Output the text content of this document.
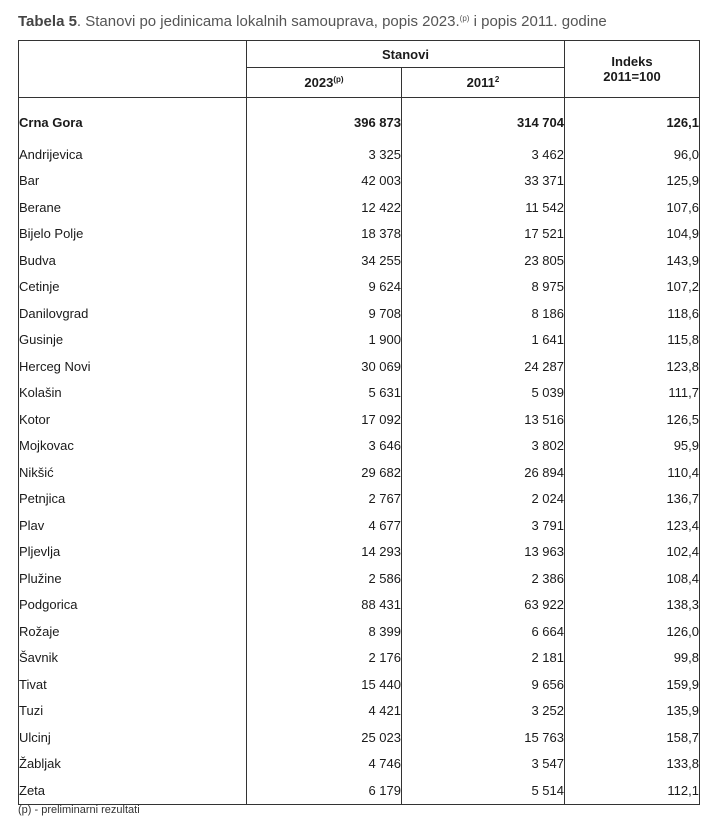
Tabela 5. Stanovi po jedinicama lokalnih samouprava, popis 2023.$^{(p)}$ i popis 2011. godine
	Stanovi		Indeks
2011=100
	2023$^{(p)}$	2011$^2$

Crna Gora	396 873	314 704	126,1
Andrijevica	3 325	3 462	96,0
Bar	42 003	33 371	125,9
Berane	12 422	11 542	107,6
Bijelo Polje	18 378	17 521	104,9
Budva	34 255	23 805	143,9
Cetinje	9 624	8 975	107,2
Danilovgrad	9 708	8 186	118,6
Gusinje	1 900	1 641	115,8
Herceg Novi	30 069	24 287	123,8
Kolašin	5 631	5 039	111,7
Kotor	17 092	13 516	126,5
Mojkovac	3 646	3 802	95,9
Nikšić	29 682	26 894	110,4
Petnjica	2 767	2 024	136,7
Plav	4 677	3 791	123,4
Pljevlja	14 293	13 963	102,4
Plužine	2 586	2 386	108,4
Podgorica	88 431	63 922	138,3
Rožaje	8 399	6 664	126,0
Šavnik	2 176	2 181	99,8
Tivat	15 440	9 656	159,9
Tuzi	4 421	3 252	135,9
Ulcinj	25 023	15 763	158,7
Žabljak	4 746	3 547	133,8
Zeta	6 179	5 514	112,1
(p) - preliminarni rezultati
